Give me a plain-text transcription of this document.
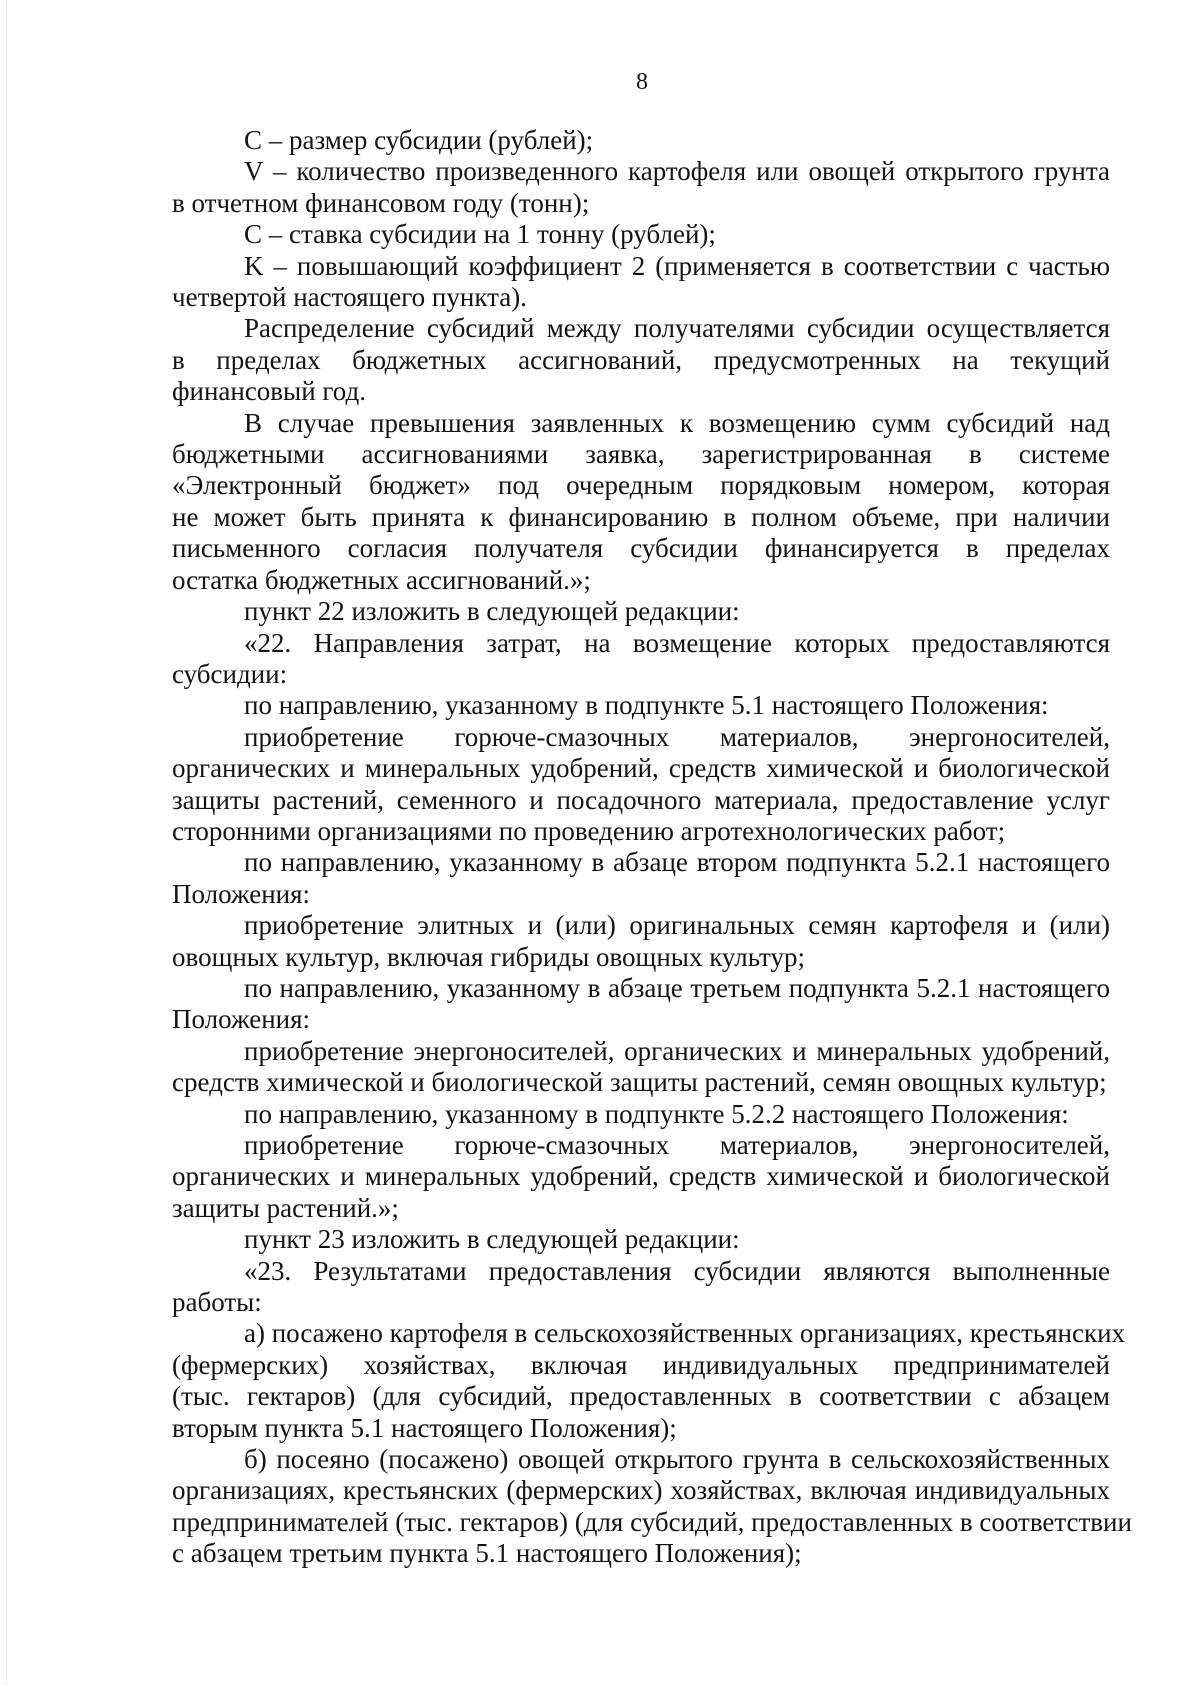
8
C – размер субсидии (рублей);
V – количество произведенного картофеля или овощей открытого грунта
в отчетном финансовом году (тонн);
C – ставка субсидии на 1 тонну (рублей);
K – повышающий коэффициент 2 (применяется в соответствии с частью
четвертой настоящего пункта).
Распределение субсидий между получателями субсидии осуществляется
в пределах бюджетных ассигнований, предусмотренных на текущий
финансовый год.
В случае превышения заявленных к возмещению сумм субсидий над
бюджетными ассигнованиями заявка, зарегистрированная в системе
«Электронный бюджет» под очередным порядковым номером, которая
не может быть принята к финансированию в полном объеме, при наличии
письменного согласия получателя субсидии финансируется в пределах
остатка бюджетных ассигнований.»;
пункт 22 изложить в следующей редакции:
«22. Направления затрат, на возмещение которых предоставляются
субсидии:
по направлению, указанному в подпункте 5.1 настоящего Положения:
приобретение горюче-смазочных материалов, энергоносителей,
органических и минеральных удобрений, средств химической и биологической
защиты растений, семенного и посадочного материала, предоставление услуг
сторонними организациями по проведению агротехнологических работ;
по направлению, указанному в абзаце втором подпункта 5.2.1 настоящего
Положения:
приобретение элитных и (или) оригинальных семян картофеля и (или)
овощных культур, включая гибриды овощных культур;
по направлению, указанному в абзаце третьем подпункта 5.2.1 настоящего
Положения:
приобретение энергоносителей, органических и минеральных удобрений,
средств химической и биологической защиты растений, семян овощных культур;
по направлению, указанному в подпункте 5.2.2 настоящего Положения:
приобретение горюче-смазочных материалов, энергоносителей,
органических и минеральных удобрений, средств химической и биологической
защиты растений.»;
пункт 23 изложить в следующей редакции:
«23. Результатами предоставления субсидии являются выполненные
работы:
а) посажено картофеля в сельскохозяйственных организациях, крестьянских
(фермерских) хозяйствах, включая индивидуальных предпринимателей
(тыс. гектаров) (для субсидий, предоставленных в соответствии с абзацем
вторым пункта 5.1 настоящего Положения);
б) посеяно (посажено) овощей открытого грунта в сельскохозяйственных
организациях, крестьянских (фермерских) хозяйствах, включая индивидуальных
предпринимателей (тыс. гектаров) (для субсидий, предоставленных в соответствии
с абзацем третьим пункта 5.1 настоящего Положения);
